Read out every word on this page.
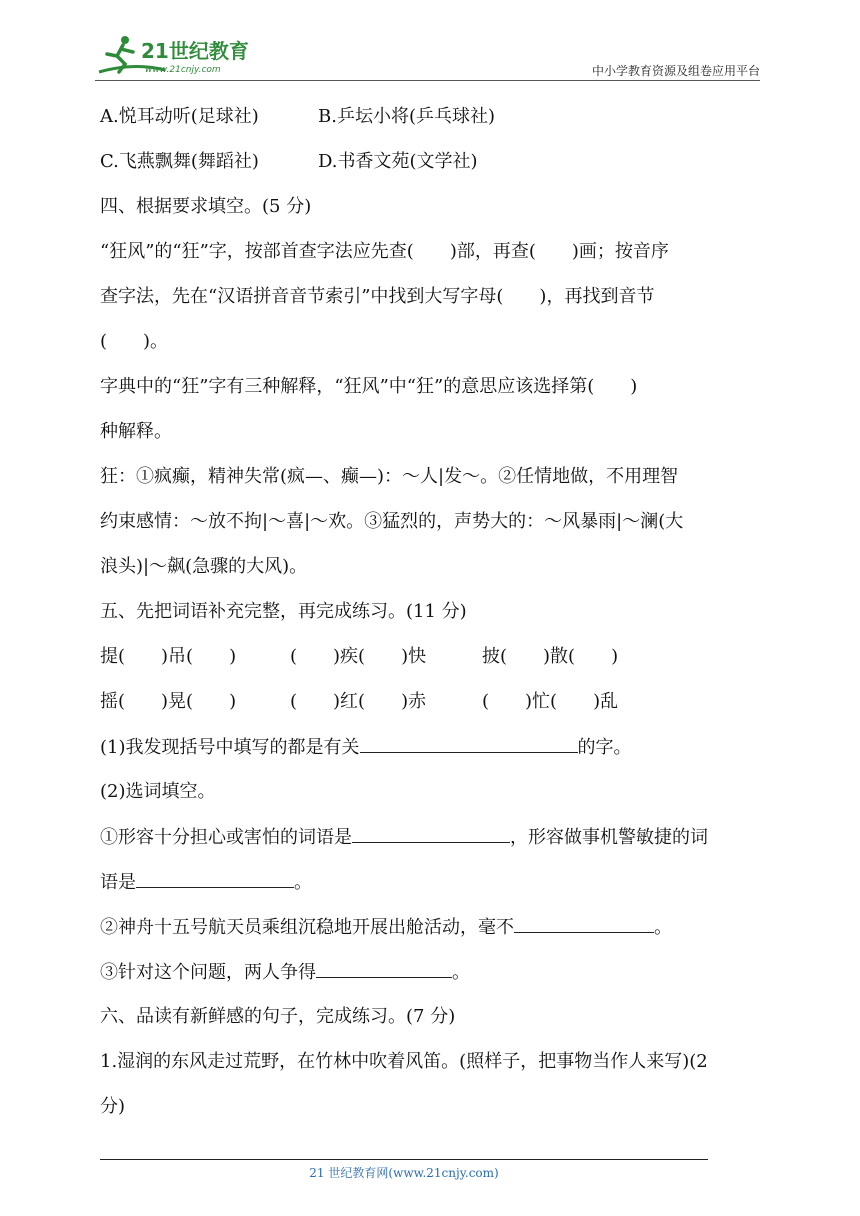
21世纪教育
www.21cnjy.com	中小学教育资源及组卷应用平台
A.悦耳动听(足球社)	B.乒坛小将(乒乓球社)
C.飞燕飘舞(舞蹈社)	D.书香文苑(文学社)
四、根据要求填空。(5 分)
“狂风”的“狂”字，按部首查字法应先查(　　)部，再查(　　)画；按音序
查字法，先在“汉语拼音音节索引”中找到大写字母(　　)，再找到音节
(　　)。
字典中的“狂”字有三种解释，“狂风”中“狂”的意思应该选择第(　　)
种解释。
狂：①疯癫，精神失常(疯—、癫—)：～人|发～。②任情地做，不用理智
约束感情：～放不拘|～喜|～欢。③猛烈的，声势大的：～风暴雨|～澜(大
浪头)|～飙(急骤的大风)。
五、先把词语补充完整，再完成练习。(11 分)
提(　　)吊(　　)	(　　)疾(　　)快	披(　　)散(　　)
摇(　　)晃(　　)	(　　)红(　　)赤	(　　)忙(　　)乱
(1)我发现括号中填写的都是有关	的字。
(2)选词填空。
①形容十分担心或害怕的词语是	，形容做事机警敏捷的词
语是	。
②神舟十五号航天员乘组沉稳地开展出舱活动，毫不	。
③针对这个问题，两人争得	。
六、品读有新鲜感的句子，完成练习。(7 分)
1.湿润的东风走过荒野，在竹林中吹着风笛。(照样子，把事物当作人来写)(2
分)
21 世纪教育网(www.21cnjy.com)
